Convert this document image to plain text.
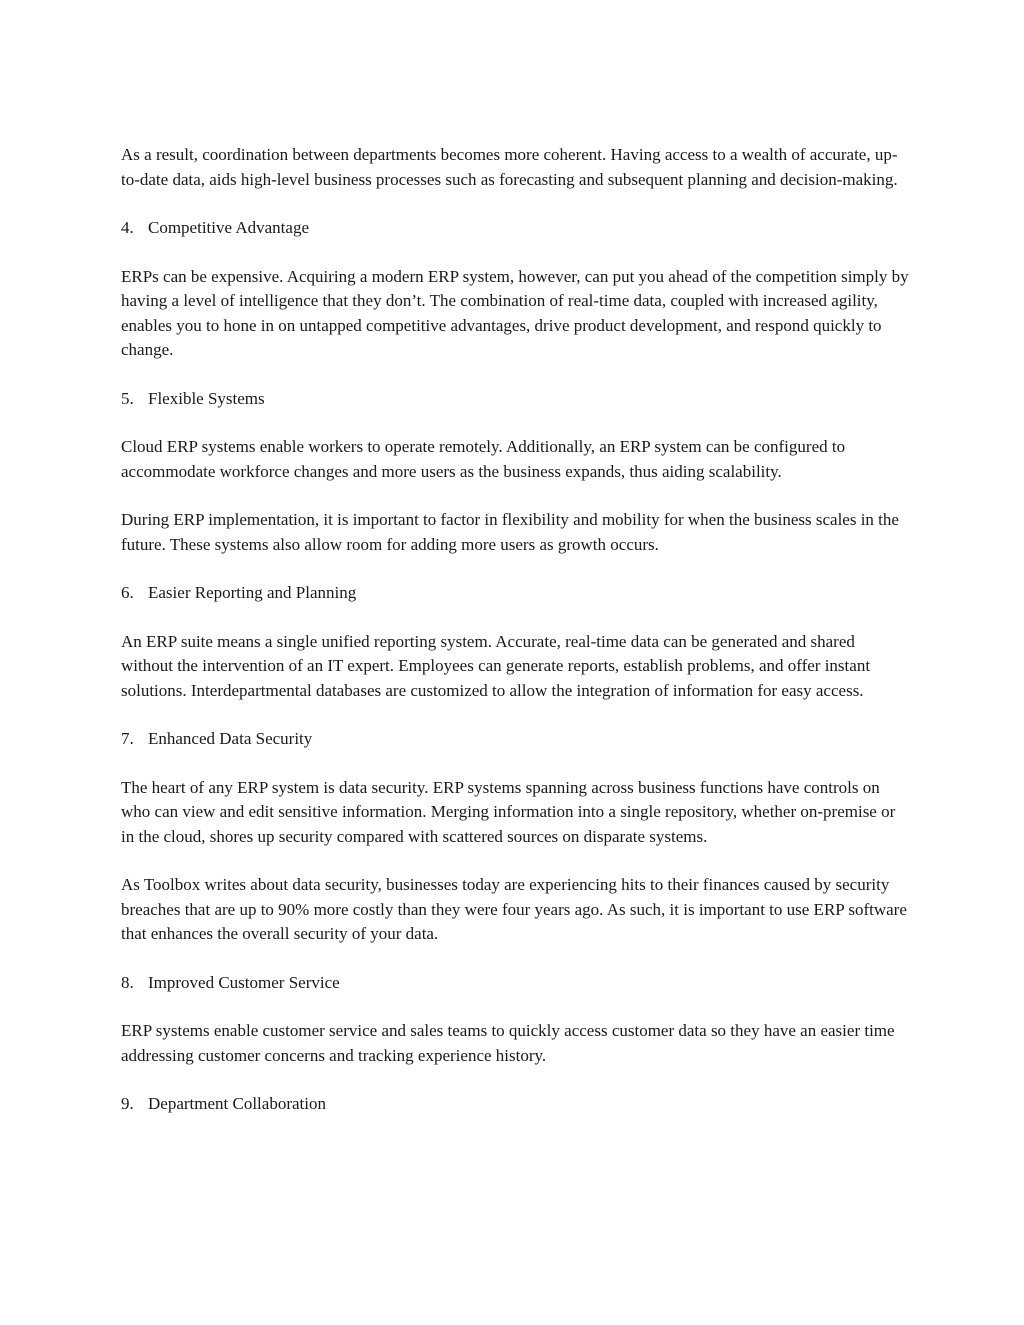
As a result, coordination between departments becomes more coherent. Having access to a wealth of accurate, up-to-date data, aids high-level business processes such as forecasting and subsequent planning and decision-making.

4. Competitive Advantage

ERPs can be expensive. Acquiring a modern ERP system, however, can put you ahead of the competition simply by having a level of intelligence that they don’t. The combination of real-time data, coupled with increased agility, enables you to hone in on untapped competitive advantages, drive product development, and respond quickly to change.

5. Flexible Systems

Cloud ERP systems enable workers to operate remotely. Additionally, an ERP system can be configured to accommodate workforce changes and more users as the business expands, thus aiding scalability.

During ERP implementation, it is important to factor in flexibility and mobility for when the business scales in the future. These systems also allow room for adding more users as growth occurs.

6. Easier Reporting and Planning

An ERP suite means a single unified reporting system. Accurate, real-time data can be generated and shared without the intervention of an IT expert. Employees can generate reports, establish problems, and offer instant solutions. Interdepartmental databases are customized to allow the integration of information for easy access.

7. Enhanced Data Security

The heart of any ERP system is data security. ERP systems spanning across business functions have controls on who can view and edit sensitive information. Merging information into a single repository, whether on-premise or in the cloud, shores up security compared with scattered sources on disparate systems.

As Toolbox writes about data security, businesses today are experiencing hits to their finances caused by security breaches that are up to 90% more costly than they were four years ago. As such, it is important to use ERP software that enhances the overall security of your data.

8. Improved Customer Service

ERP systems enable customer service and sales teams to quickly access customer data so they have an easier time addressing customer concerns and tracking experience history.

9. Department Collaboration
